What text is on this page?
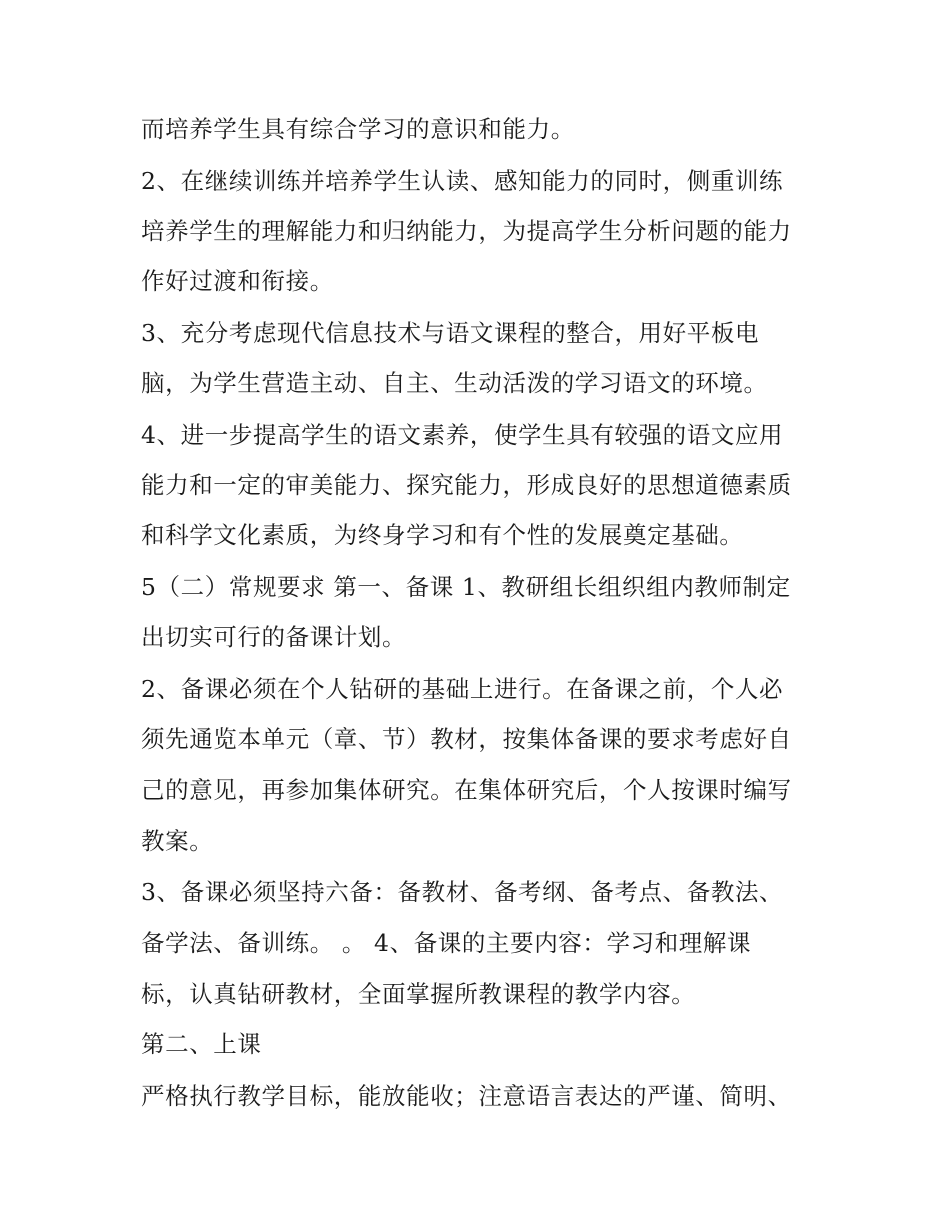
而培养学生具有综合学习的意识和能力。
2、在继续训练并培养学生认读、感知能力的同时，侧重训练
培养学生的理解能力和归纳能力，为提高学生分析问题的能力
作好过渡和衔接。
3、充分考虑现代信息技术与语文课程的整合，用好平板电
脑，为学生营造主动、自主、生动活泼的学习语文的环境。
4、进一步提高学生的语文素养，使学生具有较强的语文应用
能力和一定的审美能力、探究能力，形成良好的思想道德素质
和科学文化素质，为终身学习和有个性的发展奠定基础。
5（二）常规要求 第一、备课 1、教研组长组织组内教师制定
出切实可行的备课计划。
2、备课必须在个人钻研的基础上进行。在备课之前，个人必
须先通览本单元（章、节）教材，按集体备课的要求考虑好自
己的意见，再参加集体研究。在集体研究后，个人按课时编写
教案。
3、备课必须坚持六备：备教材、备考纲、备考点、备教法、
备学法、备训练。 。 4、备课的主要内容：学习和理解课
标，认真钻研教材，全面掌握所教课程的教学内容。
第二、上课
严格执行教学目标，能放能收；注意语言表达的严谨、简明、
